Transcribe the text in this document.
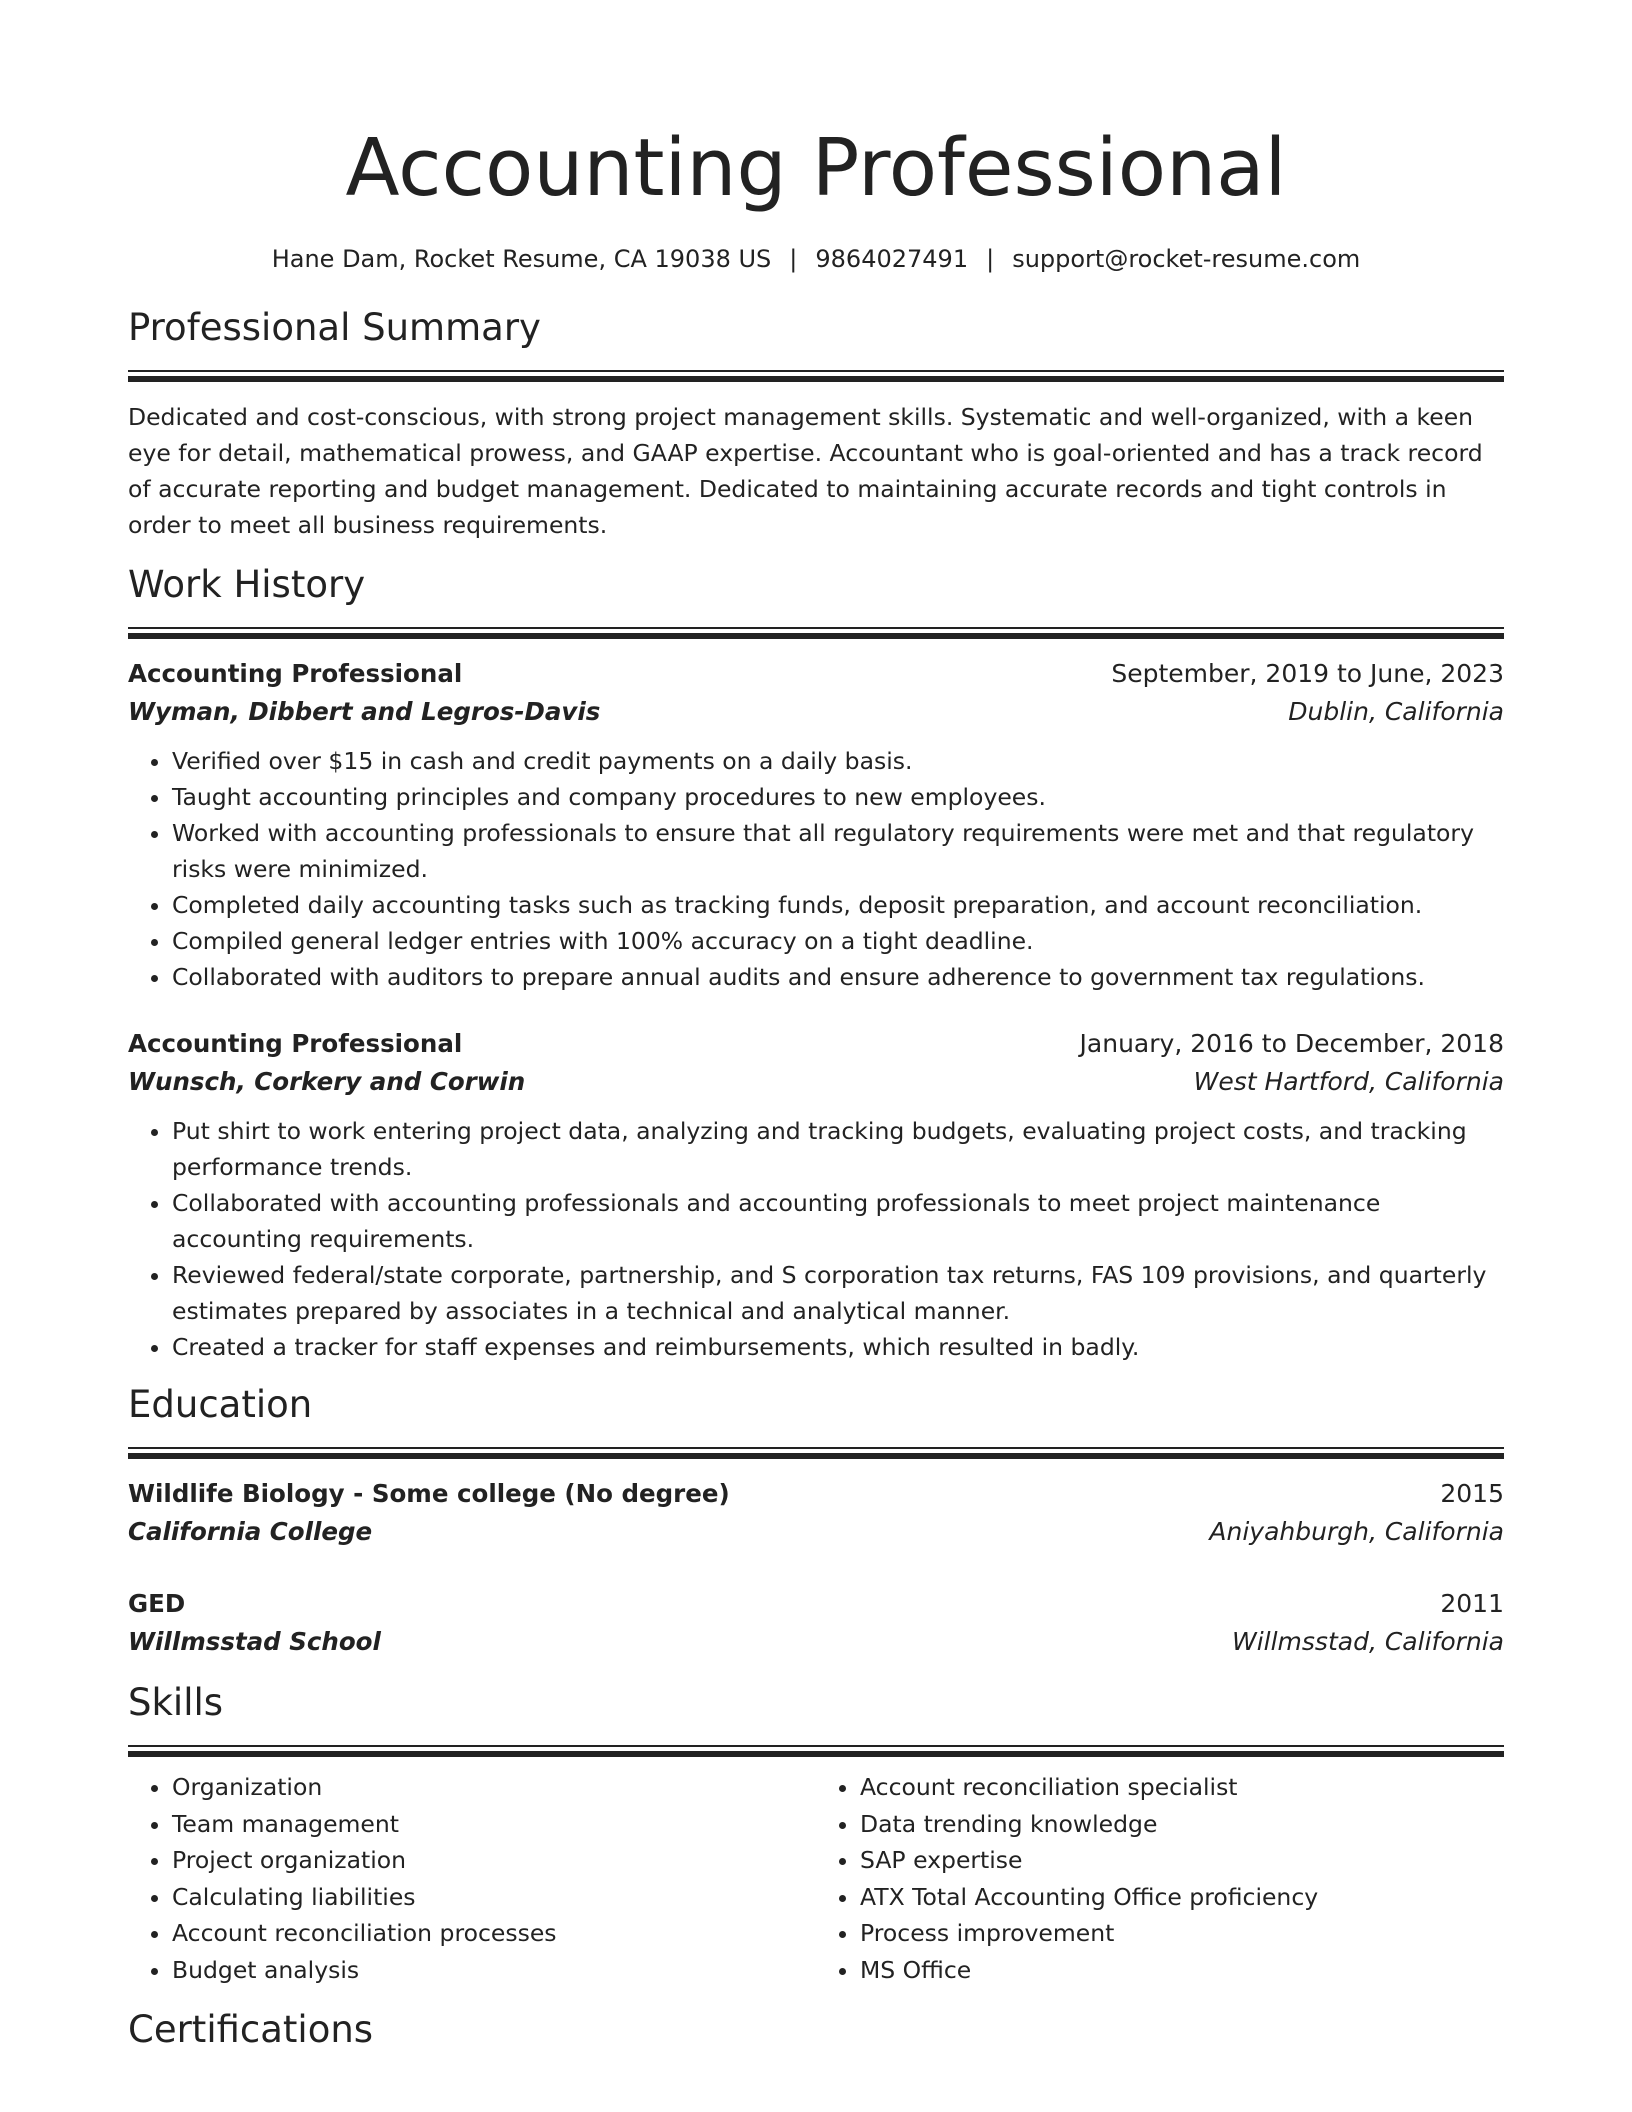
Accounting Professional
Hane Dam, Rocket Resume, CA 19038 US | 9864027491 | support@rocket-resume.com
Professional Summary
Dedicated and cost-conscious, with strong project management skills. Systematic and well-organized, with a keen eye for detail, mathematical prowess, and GAAP expertise. Accountant who is goal-oriented and has a track record of accurate reporting and budget management. Dedicated to maintaining accurate records and tight controls in order to meet all business requirements.
Work History
Accounting Professional	September, 2019 to June, 2023
Wyman, Dibbert and Legros-Davis	Dublin, California
• Verified over $15 in cash and credit payments on a daily basis.
• Taught accounting principles and company procedures to new employees.
• Worked with accounting professionals to ensure that all regulatory requirements were met and that regulatory risks were minimized.
• Completed daily accounting tasks such as tracking funds, deposit preparation, and account reconciliation.
• Compiled general ledger entries with 100% accuracy on a tight deadline.
• Collaborated with auditors to prepare annual audits and ensure adherence to government tax regulations.
Accounting Professional	January, 2016 to December, 2018
Wunsch, Corkery and Corwin	West Hartford, California
• Put shirt to work entering project data, analyzing and tracking budgets, evaluating project costs, and tracking performance trends.
• Collaborated with accounting professionals and accounting professionals to meet project maintenance accounting requirements.
• Reviewed federal/state corporate, partnership, and S corporation tax returns, FAS 109 provisions, and quarterly estimates prepared by associates in a technical and analytical manner.
• Created a tracker for staff expenses and reimbursements, which resulted in badly.
Education
Wildlife Biology - Some college (No degree)	2015
California College	Aniyahburgh, California
GED	2011
Willmsstad School	Willmsstad, California
Skills
• Organization
• Team management
• Project organization
• Calculating liabilities
• Account reconciliation processes
• Budget analysis
• Account reconciliation specialist
• Data trending knowledge
• SAP expertise
• ATX Total Accounting Office proficiency
• Process improvement
• MS Office
Certifications
